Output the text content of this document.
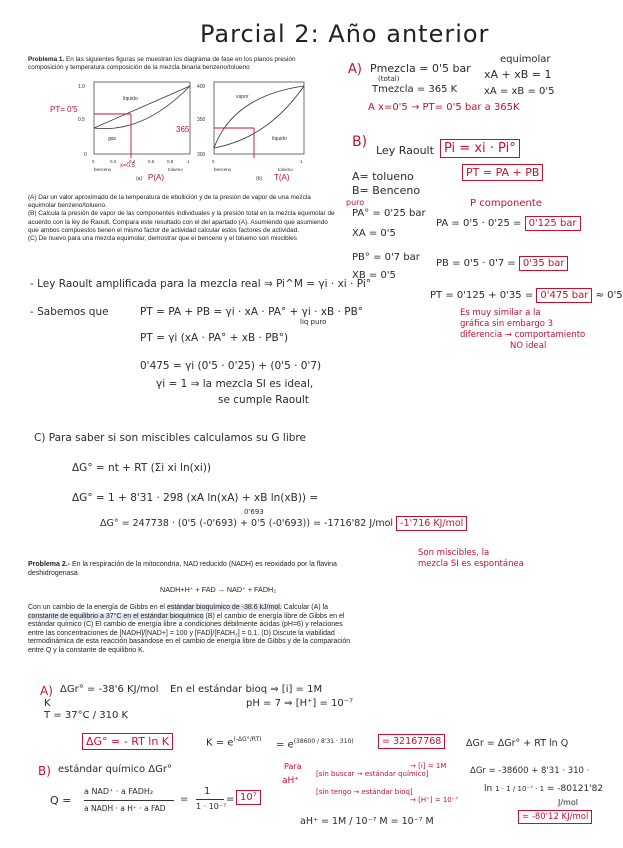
Parcial 2: Año anterior
Problema 1. En las siguientes figuras se muestran los diagrama de fase en los planos presión composición y temperatura composición de la mezcla binaria benzeno/tolueno
líquido
gas
1.0
0.5
0
0	0.2	0.4	0.6	0.8	1
benceno	tolueno
(a)
x=0.5
P(A)
PT= 0'5
vapor
líquido
300
350
400
0	1
benceno	tolueno
(b) T(A)
365
(A) Dar un valor aproximado de la temperatura de ebullición y de la presión de vapor de una mezcla equimolar benzeno/tolueno.
(B) Calcula la presión de vapor de las componentes individuales y la presión total en la mezcla equimolar de acuerdo con la ley de Raoult. Compara este resultado con el del apartado (A). Asumiendo que asumiendo que ambos compuestos tienen el mismo factor de actividad calcular estos factores de actividad.
(C) De nuevo para una mezcla equimolar, demostrar que el benceno y el tolueno son miscibles
A) Pmezcla = 0'5 bar
(total)
Tmezcla = 365 K
equimolar
xA + xB = 1
xA = xB = 0'5
A x=0'5 → PT= 0'5 bar a 365K
B)
Ley Raoult Pi = xi · Pi°
A= tolueno
B= Benceno
PT = PA + PB
puro
PA° = 0'25 bar
XA = 0'5
P componente
PA = 0'5 · 0'25 = 0'125 bar
PB° = 0'7 bar
XB = 0'5
PB = 0'5 · 0'7 = 0'35 bar
PT = 0'125 + 0'35 = 0'475 bar ≈ 0'5
Es muy similar a la
gráfica sin embargo 3
diferencia → comportamiento
NO ideal
- Ley Raoult amplificada para la mezcla real ⇒ Pi^M = γi · xi · Pi°
- Sabemos que	PT = PA + PB = γi · xA · PA° + γi · xB · PB°
liq puro
PT = γi (xA · PA° + xB · PB°)
0'475 = γi (0'5 · 0'25) + (0'5 · 0'7)
γi = 1 ⇒ la mezcla SI es ideal,
se cumple Raoult
C) Para saber si son miscibles calculamos su G libre
ΔG° = nt + RT (Σi xi ln(xi))
ΔG° = 1 + 8'31 · 298 (xA ln(xA) + xB ln(xB)) =
0'693
ΔG° = 247738 · (0'5 (-0'693) + 0'5 (-0'693)) = -1716'82 J/mol -1'716 KJ/mol
Son miscibles, la
mezcla SI es espontánea
Problema 2.- En la respiración de la mitocondria, NAD reducido (NADH) es reoxidado por la flavina deshidrogenasa
NADH+H⁺ + FAD → NAD⁺ + FADH₂
Con un cambio de la energía de Gibbs en el estándar bioquímico de -38.6 kJ/mol. Calcular (A) la constante de equilibrio a 37°C en el estándar bioquímico (B) el cambio de energía libre de Gibbs en el estándar químico (C) El cambio de energía libre a condiciones débilmente ácidas (pH=6) y relaciones entre las concentraciones de [NADH]/[NAD+] = 100 y [FAD]/[FADH₂] = 0.1. (D) Discute la viabilidad termodinámica de esta reacción basándose en el cambio de energía libre de Gibbs y de la comparación entre Q y la constante de equilibrio K.
A) ΔGr° = -38'6 KJ/mol En el estándar bioq ⇒ [i] = 1M
pH = 7 ⇒ [H⁺] = 10⁻⁷
K
T = 37°C / 310 K
ΔG° = - RT ln K	$K = e^{(-\Delta G^\circ/RT)} = e^{(38600 / 8'31 \cdot 310)}$	= 32167768	ΔGr = ΔGr° + RT ln Q
B) estándar químico ΔGr°
Q =
a NAD⁺ · a FADH₂
a NADH · a H⁺ · a FAD
=
1
1 · 10⁻⁷
= 10⁷
Para
aH⁺
[sin buscar → estándar químico]
[sin tengo → estándar bioq]
→ [i] = 1M
→ [H⁺] = 10⁻⁷
aH⁺ = 1M / 10⁻⁷ M = 10⁻⁷ M
ΔGr = -38600 + 8'31 · 310 ·
ln 1 · 1 / 10⁻⁷ · 1 = -80121'82
J/mol
= -80'12 KJ/mol
